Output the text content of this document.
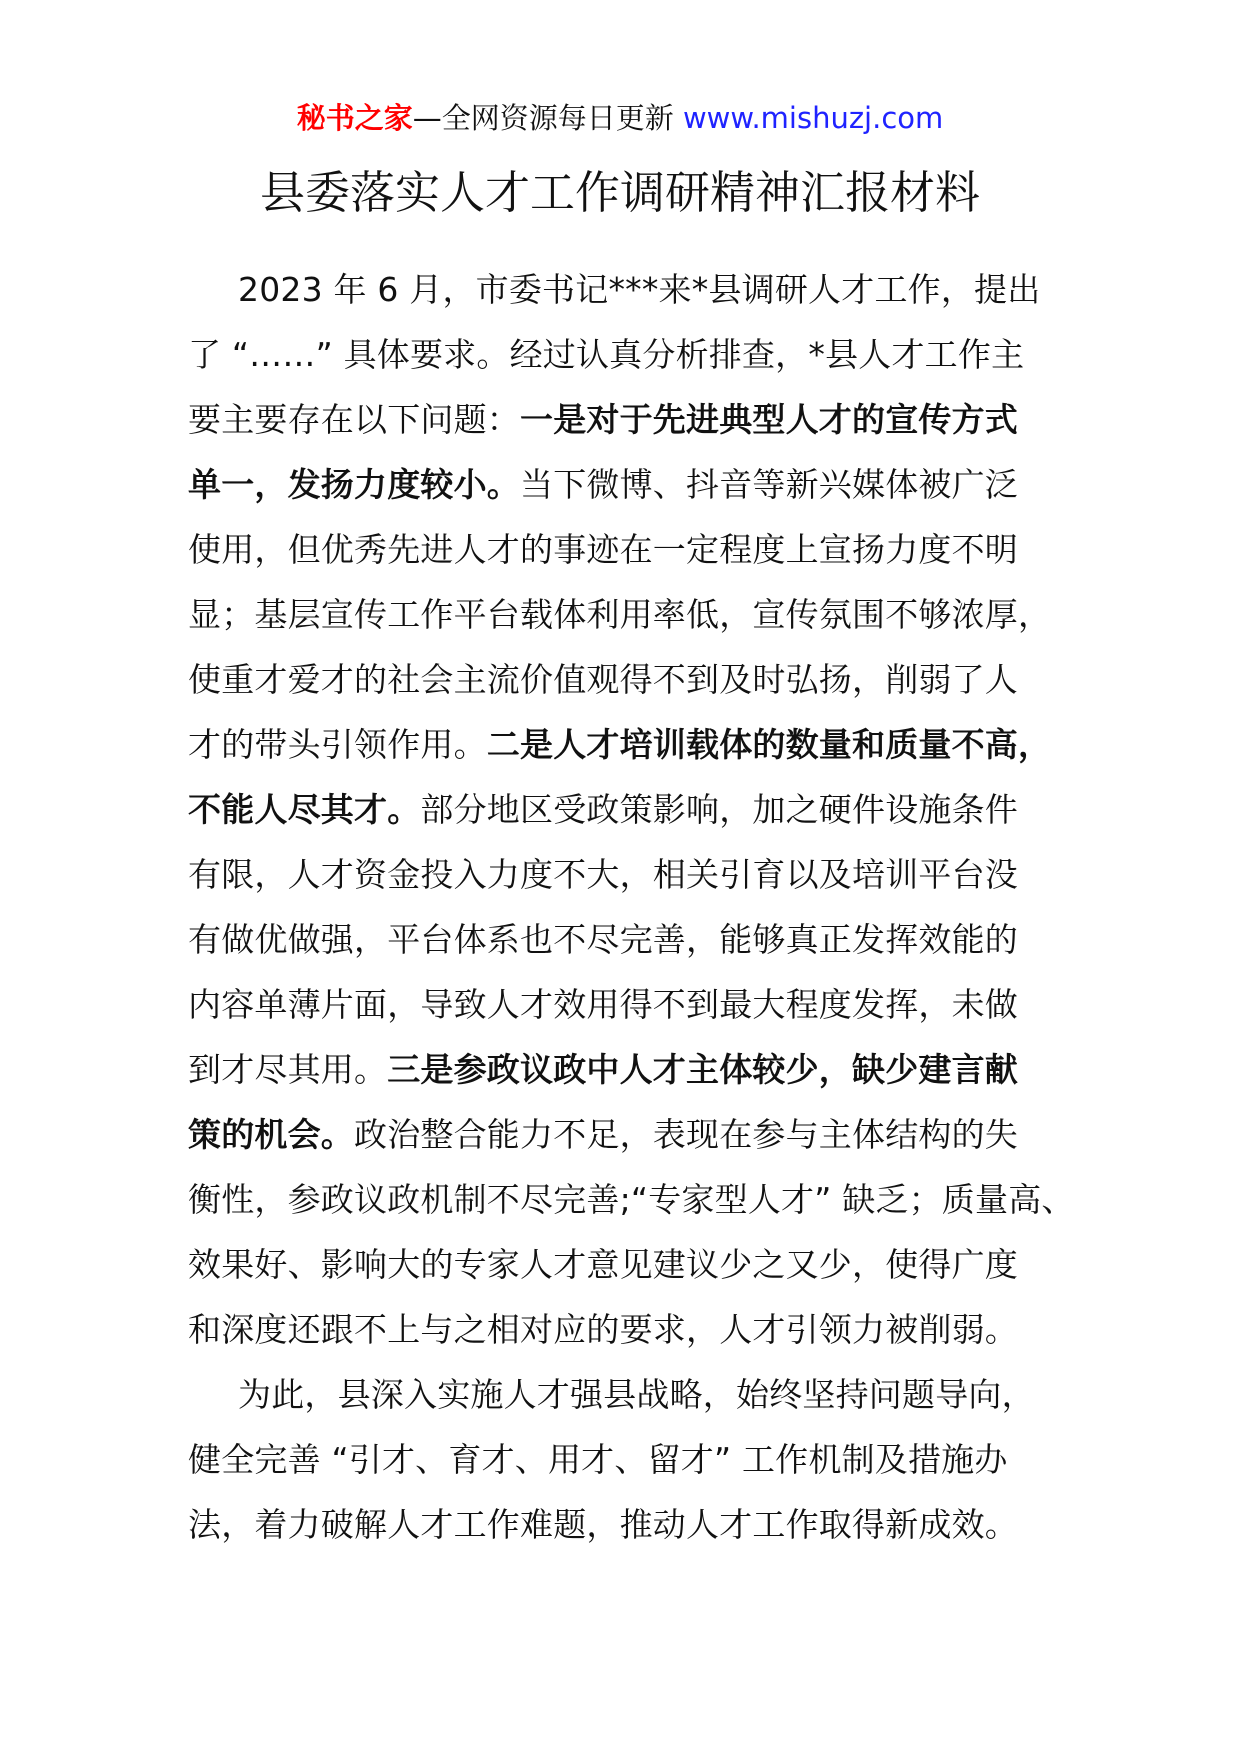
秘书之家—全网资源每日更新 www.mishuzj.com
县委落实人才工作调研精神汇报材料
2023 年 6 月，市委书记***来*县调研人才工作，提出
了 “……” 具体要求。经过认真分析排查，*县人才工作主
要主要存在以下问题：一是对于先进典型人才的宣传方式
单一，发扬力度较小。当下微博、抖音等新兴媒体被广泛
使用，但优秀先进人才的事迹在一定程度上宣扬力度不明
显；基层宣传工作平台载体利用率低，宣传氛围不够浓厚，
使重才爱才的社会主流价值观得不到及时弘扬，削弱了人
才的带头引领作用。二是人才培训载体的数量和质量不高，
不能人尽其才。部分地区受政策影响，加之硬件设施条件
有限，人才资金投入力度不大，相关引育以及培训平台没
有做优做强，平台体系也不尽完善，能够真正发挥效能的
内容单薄片面，导致人才效用得不到最大程度发挥，未做
到才尽其用。三是参政议政中人才主体较少，缺少建言献
策的机会。政治整合能力不足，表现在参与主体结构的失
衡性，参政议政机制不尽完善;“专家型人才” 缺乏；质量高、
效果好、影响大的专家人才意见建议少之又少，使得广度
和深度还跟不上与之相对应的要求，人才引领力被削弱。
为此，县深入实施人才强县战略，始终坚持问题导向，
健全完善 “引才、育才、用才、留才” 工作机制及措施办
法，着力破解人才工作难题，推动人才工作取得新成效。
